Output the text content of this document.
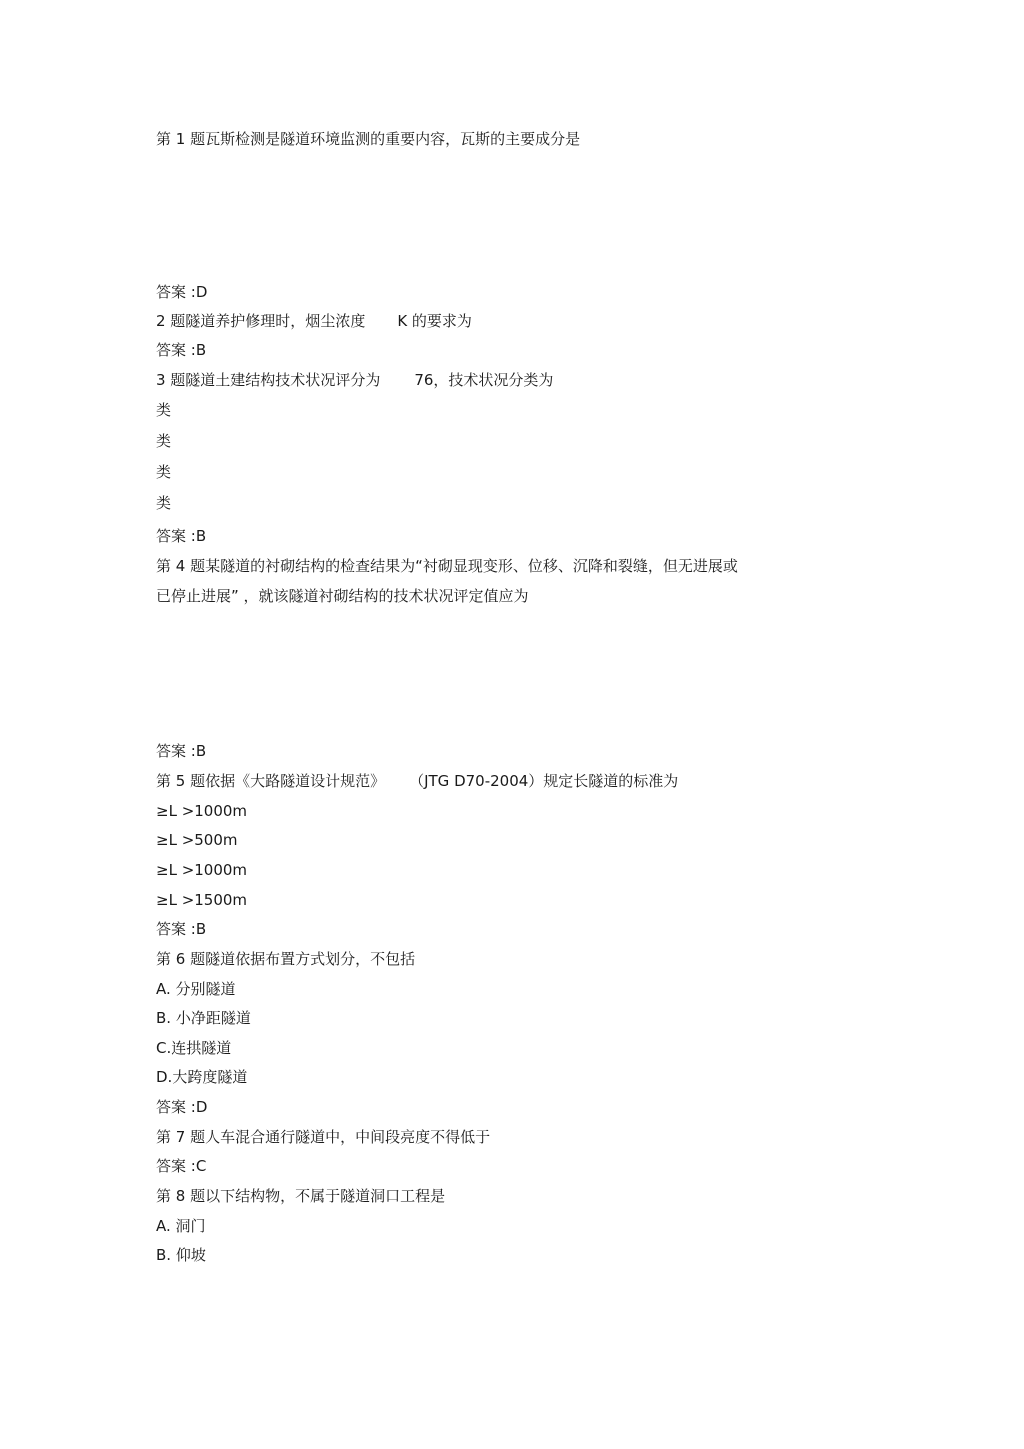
第 1 题瓦斯检测是隧道环境监测的重要内容，瓦斯的主要成分是
答案 :D
2 题隧道养护修理时，烟尘浓度 K 的要求为
答案 :B
3 题隧道土建结构技术状况评分为 76，技术状况分类为
类
类
类
类
答案 :B
第 4 题某隧道的衬砌结构的检查结果为“衬砌显现变形、位移、沉降和裂缝，但无进展或
已停止进展” ，就该隧道衬砌结构的技术状况评定值应为
答案 :B
第 5 题依据《大路隧道设计规范》 （JTG D70-2004）规定长隧道的标准为
≥L >1000m
≥L >500m
≥L >1000m
≥L >1500m
答案 :B
第 6 题隧道依据布置方式划分，不包括
A. 分别隧道
B. 小净距隧道
C.连拱隧道
D.大跨度隧道
答案 :D
第 7 题人车混合通行隧道中，中间段亮度不得低于
答案 :C
第 8 题以下结构物，不属于隧道洞口工程是
A. 洞门
B. 仰坡
